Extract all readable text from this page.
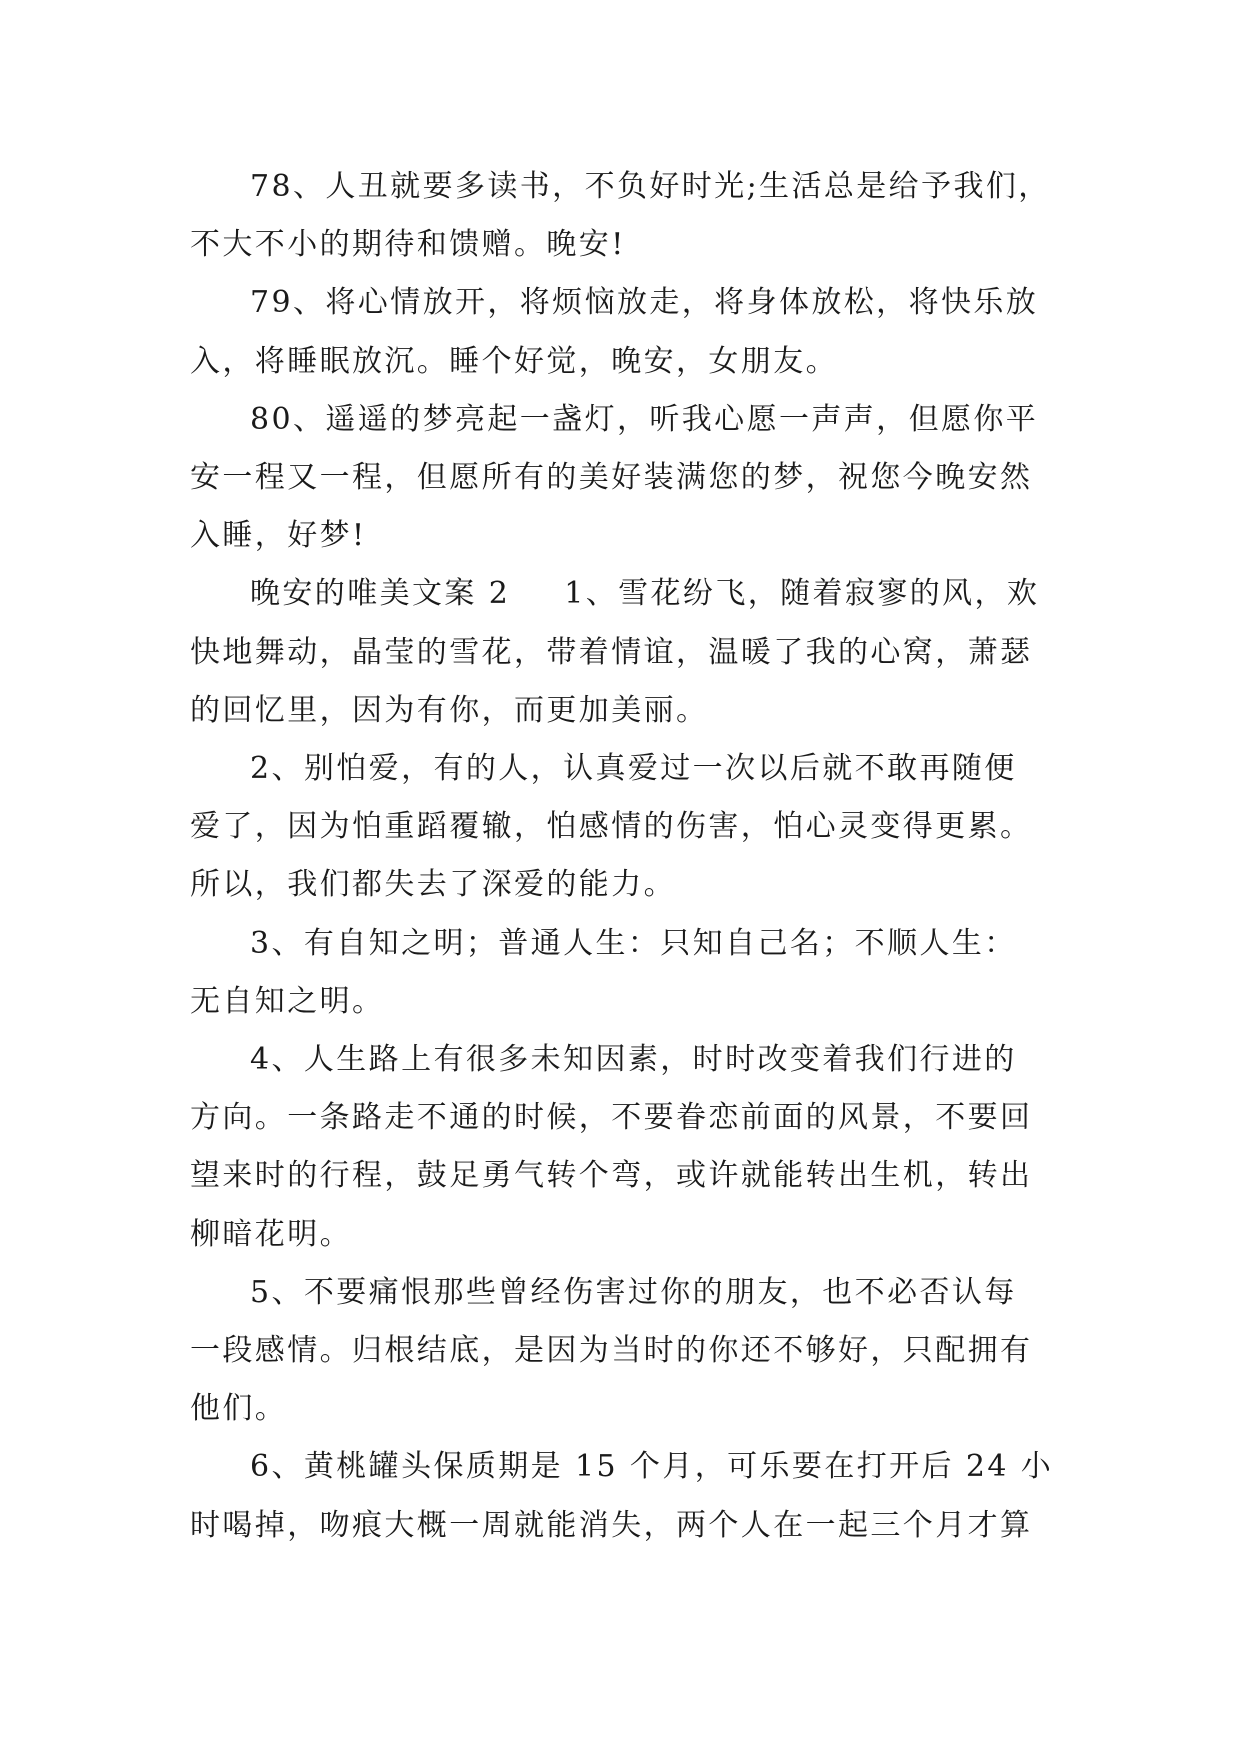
78、人丑就要多读书，不负好时光;生活总是给予我们，
不大不小的期待和馈赠。晚安!
79、将心情放开，将烦恼放走，将身体放松，将快乐放
入，将睡眠放沉。睡个好觉，晚安，女朋友。
80、遥遥的梦亮起一盏灯，听我心愿一声声，但愿你平
安一程又一程，但愿所有的美好装满您的梦，祝您今晚安然
入睡，好梦!
晚安的唯美文案 2 1、雪花纷飞，随着寂寥的风，欢
快地舞动，晶莹的雪花，带着情谊，温暖了我的心窝，萧瑟
的回忆里，因为有你，而更加美丽。
2、别怕爱，有的人，认真爱过一次以后就不敢再随便
爱了，因为怕重蹈覆辙，怕感情的伤害，怕心灵变得更累。
所以，我们都失去了深爱的能力。
3、有自知之明；普通人生：只知自己名；不顺人生：
无自知之明。
4、人生路上有很多未知因素，时时改变着我们行进的
方向。一条路走不通的时候，不要眷恋前面的风景，不要回
望来时的行程，鼓足勇气转个弯，或许就能转出生机，转出
柳暗花明。
5、不要痛恨那些曾经伤害过你的朋友，也不必否认每
一段感情。归根结底，是因为当时的你还不够好，只配拥有
他们。
6、黄桃罐头保质期是 15 个月，可乐要在打开后 24 小
时喝掉，吻痕大概一周就能消失，两个人在一起三个月才算
